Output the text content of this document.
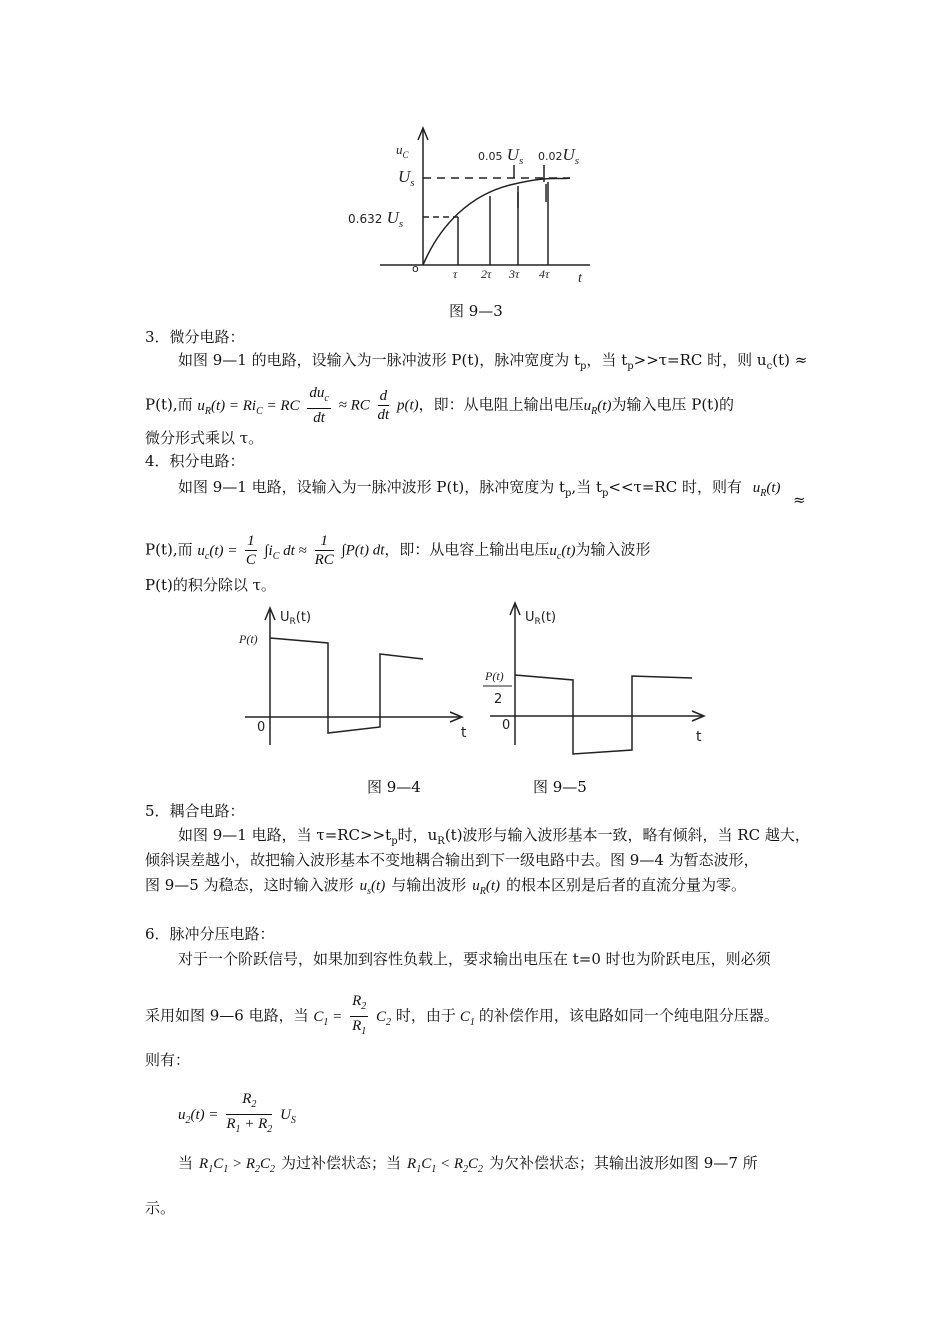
$u_C$
$U_s$
0.632 Us
o	τ 2τ 3τ 4τ t
0.05 Us 0.02Us
图 9—3
3．微分电路：
如图 9—1 的电路，设输入为一脉冲波形 P(t)，脉冲宽度为 $t_p$，当 $t_p>>\tau=RC$ 时，则 $u_c(t)$ ≈
P(t),而 $u_R(t) = Ri_C$ = RC $\frac{du_c}{dt}$ ≈ RC $\frac{d}{dt} p(t)$，即：从电阻上输出电压$u_R(t)$为输入电压 P(t)的
微分形式乘以 τ。
4．积分电路：
如图 9—1 电路，设输入为一脉冲波形 P(t)，脉冲宽度为 $t_p$,当 $t_p<<\tau=RC$ 时，则有 $u_R(t)$
≈
P(t),而 $u_c(t) = \frac{1}{C} \int i_C$ dt ≈ $\frac{1}{RC} \int P(t)$ dt，即：从电容上输出电压$u_c(t)$为输入波形
P(t)的积分除以 τ。
$U_R(t)$
P(t)
0	t
图 9—4
$U_R(t)$
P(t)
2
0
t
图 9—5
5．耦合电路：
如图 9—1 电路，当 $\tau=RC>>t_p$时，$u_R(t)$波形与输入波形基本一致，略有倾斜，当 RC 越大，
倾斜误差越小，故把输入波形基本不变地耦合输出到下一级电路中去。图 9—4 为暂态波形，
图 9—5 为稳态，这时输入波形 $u_s(t)$ 与输出波形 $u_R(t)$ 的根本区别是后者的直流分量为零。
6．脉冲分压电路：
对于一个阶跃信号，如果加到容性负载上，要求输出电压在 t=0 时也为阶跃电压，则必须
采用如图 9—6 电路，当 $C_1 = \frac{R_2}{R_1} C_2$ 时，由于 $C_1$ 的补偿作用，该电路如同一个纯电阻分压器。
则有：
$u_2(t) = \frac{R_2}{R_1 + R_2} U_S$
当 $R_1C_1 > R_2C_2$ 为过补偿状态；当 $R_1C_1 < R_2C_2$ 为欠补偿状态；其输出波形如图 9—7 所
示。
